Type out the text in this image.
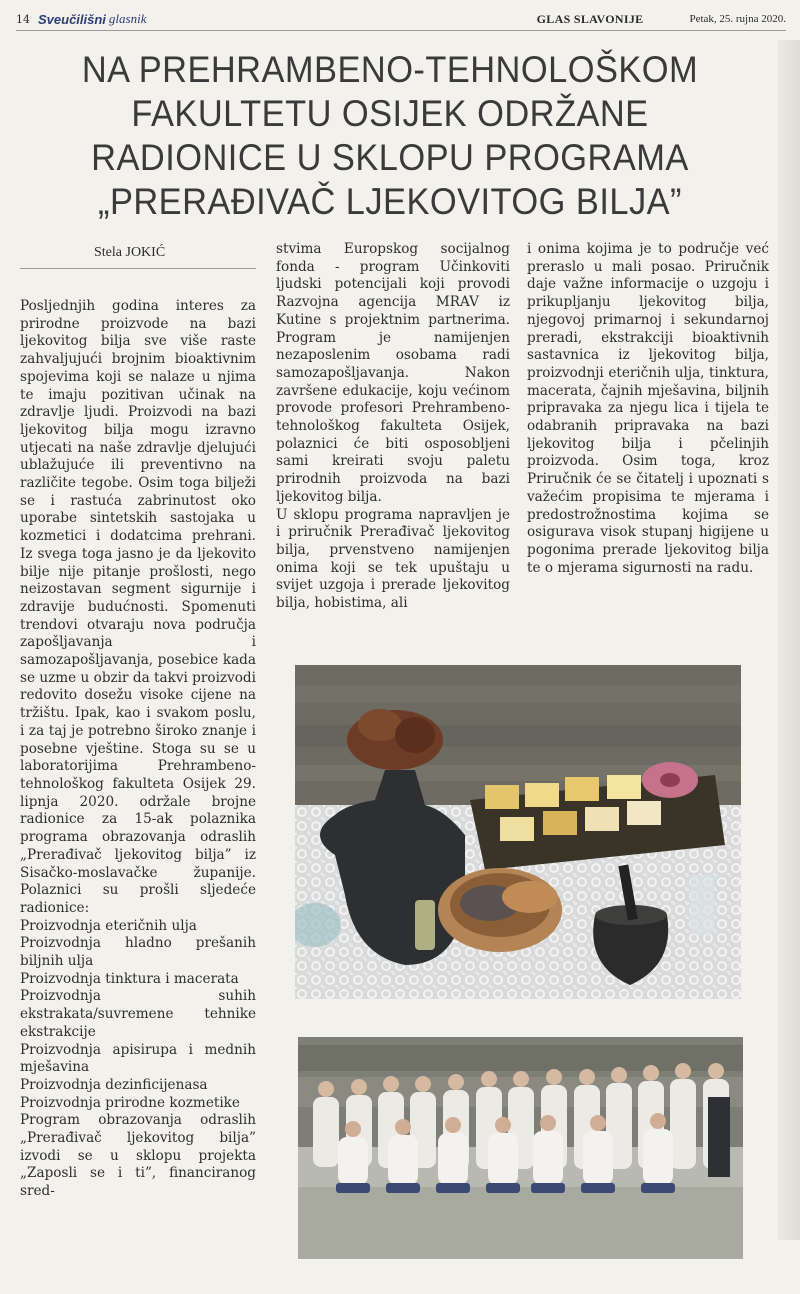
14 Sveučilišni glasnik	GLAS SLAVONIJE	Petak, 25. rujna 2020.
NA PREHRAMBENO-TEHNOLOŠKOM FAKULTETU OSIJEK ODRŽANE RADIONICE U SKLOPU PROGRAMA „PRERAĐIVAČ LJEKOVITOG BILJA”
Stela JOKIĆ
Posljednjih godina interes za prirodne proizvode na bazi ljekovitog bilja sve više raste zahvaljujući brojnim bioaktivnim spojevima koji se nalaze u njima te imaju pozitivan učinak na zdravlje ljudi. Proizvodi na bazi ljekovitog bilja mogu izravno utjecati na naše zdravlje djelujući ublažujuće ili preventivno na različite tegobe. Osim toga bilježi se i rastuća zabrinutost oko uporabe sintetskih sastojaka u kozmetici i dodatcima prehrani. Iz svega toga jasno je da ljekovito bilje nije pitanje prošlosti, nego neizostavan segment sigurnije i zdravije budućnosti. Spomenuti trendovi otvaraju nova područja zapošljavanja i samozapošljavanja, posebice kada se uzme u obzir da takvi proizvodi redovito dosežu visoke cijene na tržištu. Ipak, kao i svakom poslu, i za taj je potrebno široko znanje i posebne vještine. Stoga su se u laboratorijima Prehrambeno-tehnološkog fakulteta Osijek 29. lipnja 2020. održale brojne radionice za 15-ak polaznika programa obrazovanja odraslih „Prerađivač ljekovitog bilja” iz Sisačko-moslavačke županije. Polaznici su prošli sljedeće radionice:
Proizvodnja eteričnih ulja
Proizvodnja hladno prešanih biljnih ulja
Proizvodnja tinktura i macerata
Proizvodnja suhih ekstrakata/suvremene tehnike ekstrakcije
Proizvodnja apisirupa i mednih mješavina
Proizvodnja dezinficijenasa
Proizvodnja prirodne kozmetike
Program obrazovanja odraslih „Prerađivač ljekovitog bilja” izvodi se u sklopu projekta „Zaposli se i ti”, financiranog sred-
stvima Europskog socijalnog fonda - program Učinkoviti ljudski potencijali koji provodi Razvojna agencija MRAV iz Kutine s projektnim partnerima. Program je namijenjen nezaposlenim osobama radi samozapošljavanja. Nakon završene edukacije, koju većinom provode profesori Prehrambeno-tehnološkog fakulteta Osijek, polaznici će biti osposobljeni sami kreirati svoju paletu prirodnih proizvoda na bazi ljekovitog bilja.
U sklopu programa napravljen je i priručnik Prerađivač ljekovitog bilja, prvenstveno namijenjen onima koji se tek upuštaju u svijet uzgoja i prerade ljekovitog bilja, hobistima, ali
i onima kojima je to područje već preraslo u mali posao. Priručnik daje važne informacije o uzgoju i prikupljanju ljekovitog bilja, njegovoj primarnoj i sekundarnoj preradi, ekstrakciji bioaktivnih sastavnica iz ljekovitog bilja, proizvodnji eteričnih ulja, tinktura, macerata, čajnih mješavina, biljnih pripravaka za njegu lica i tijela te odabranih pripravaka na bazi ljekovitog bilja i pčelinjih proizvoda. Osim toga, kroz Priručnik će se čitatelj i upoznati s važećim propisima te mjerama i predostrožnostima kojima se osigurava visok stupanj higijene u pogonima prerade ljekovitog bilja te o mjerama sigurnosti na radu.
